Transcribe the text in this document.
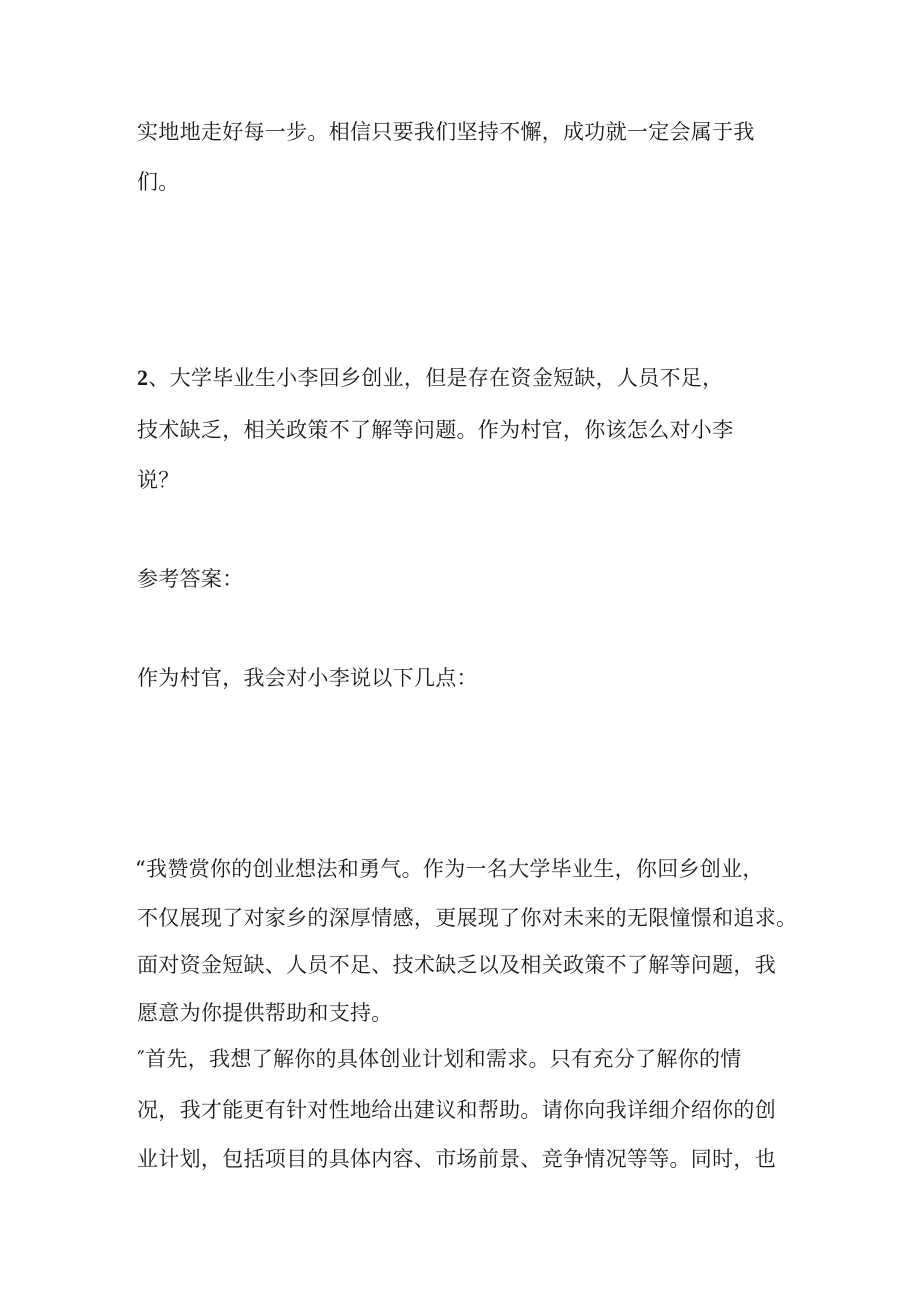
实地地走好每一步。相信只要我们坚持不懈，成功就一定会属于我
们。
2、大学毕业生小李回乡创业，但是存在资金短缺，人员不足，
技术缺乏，相关政策不了解等问题。作为村官，你该怎么对小李
说？
参考答案：
作为村官，我会对小李说以下几点：
“我赞赏你的创业想法和勇气。作为一名大学毕业生，你回乡创业，
不仅展现了对家乡的深厚情感，更展现了你对未来的无限憧憬和追求。
面对资金短缺、人员不足、技术缺乏以及相关政策不了解等问题，我
愿意为你提供帮助和支持。
″首先，我想了解你的具体创业计划和需求。只有充分了解你的情
况，我才能更有针对性地给出建议和帮助。请你向我详细介绍你的创
业计划，包括项目的具体内容、市场前景、竞争情况等等。同时，也
